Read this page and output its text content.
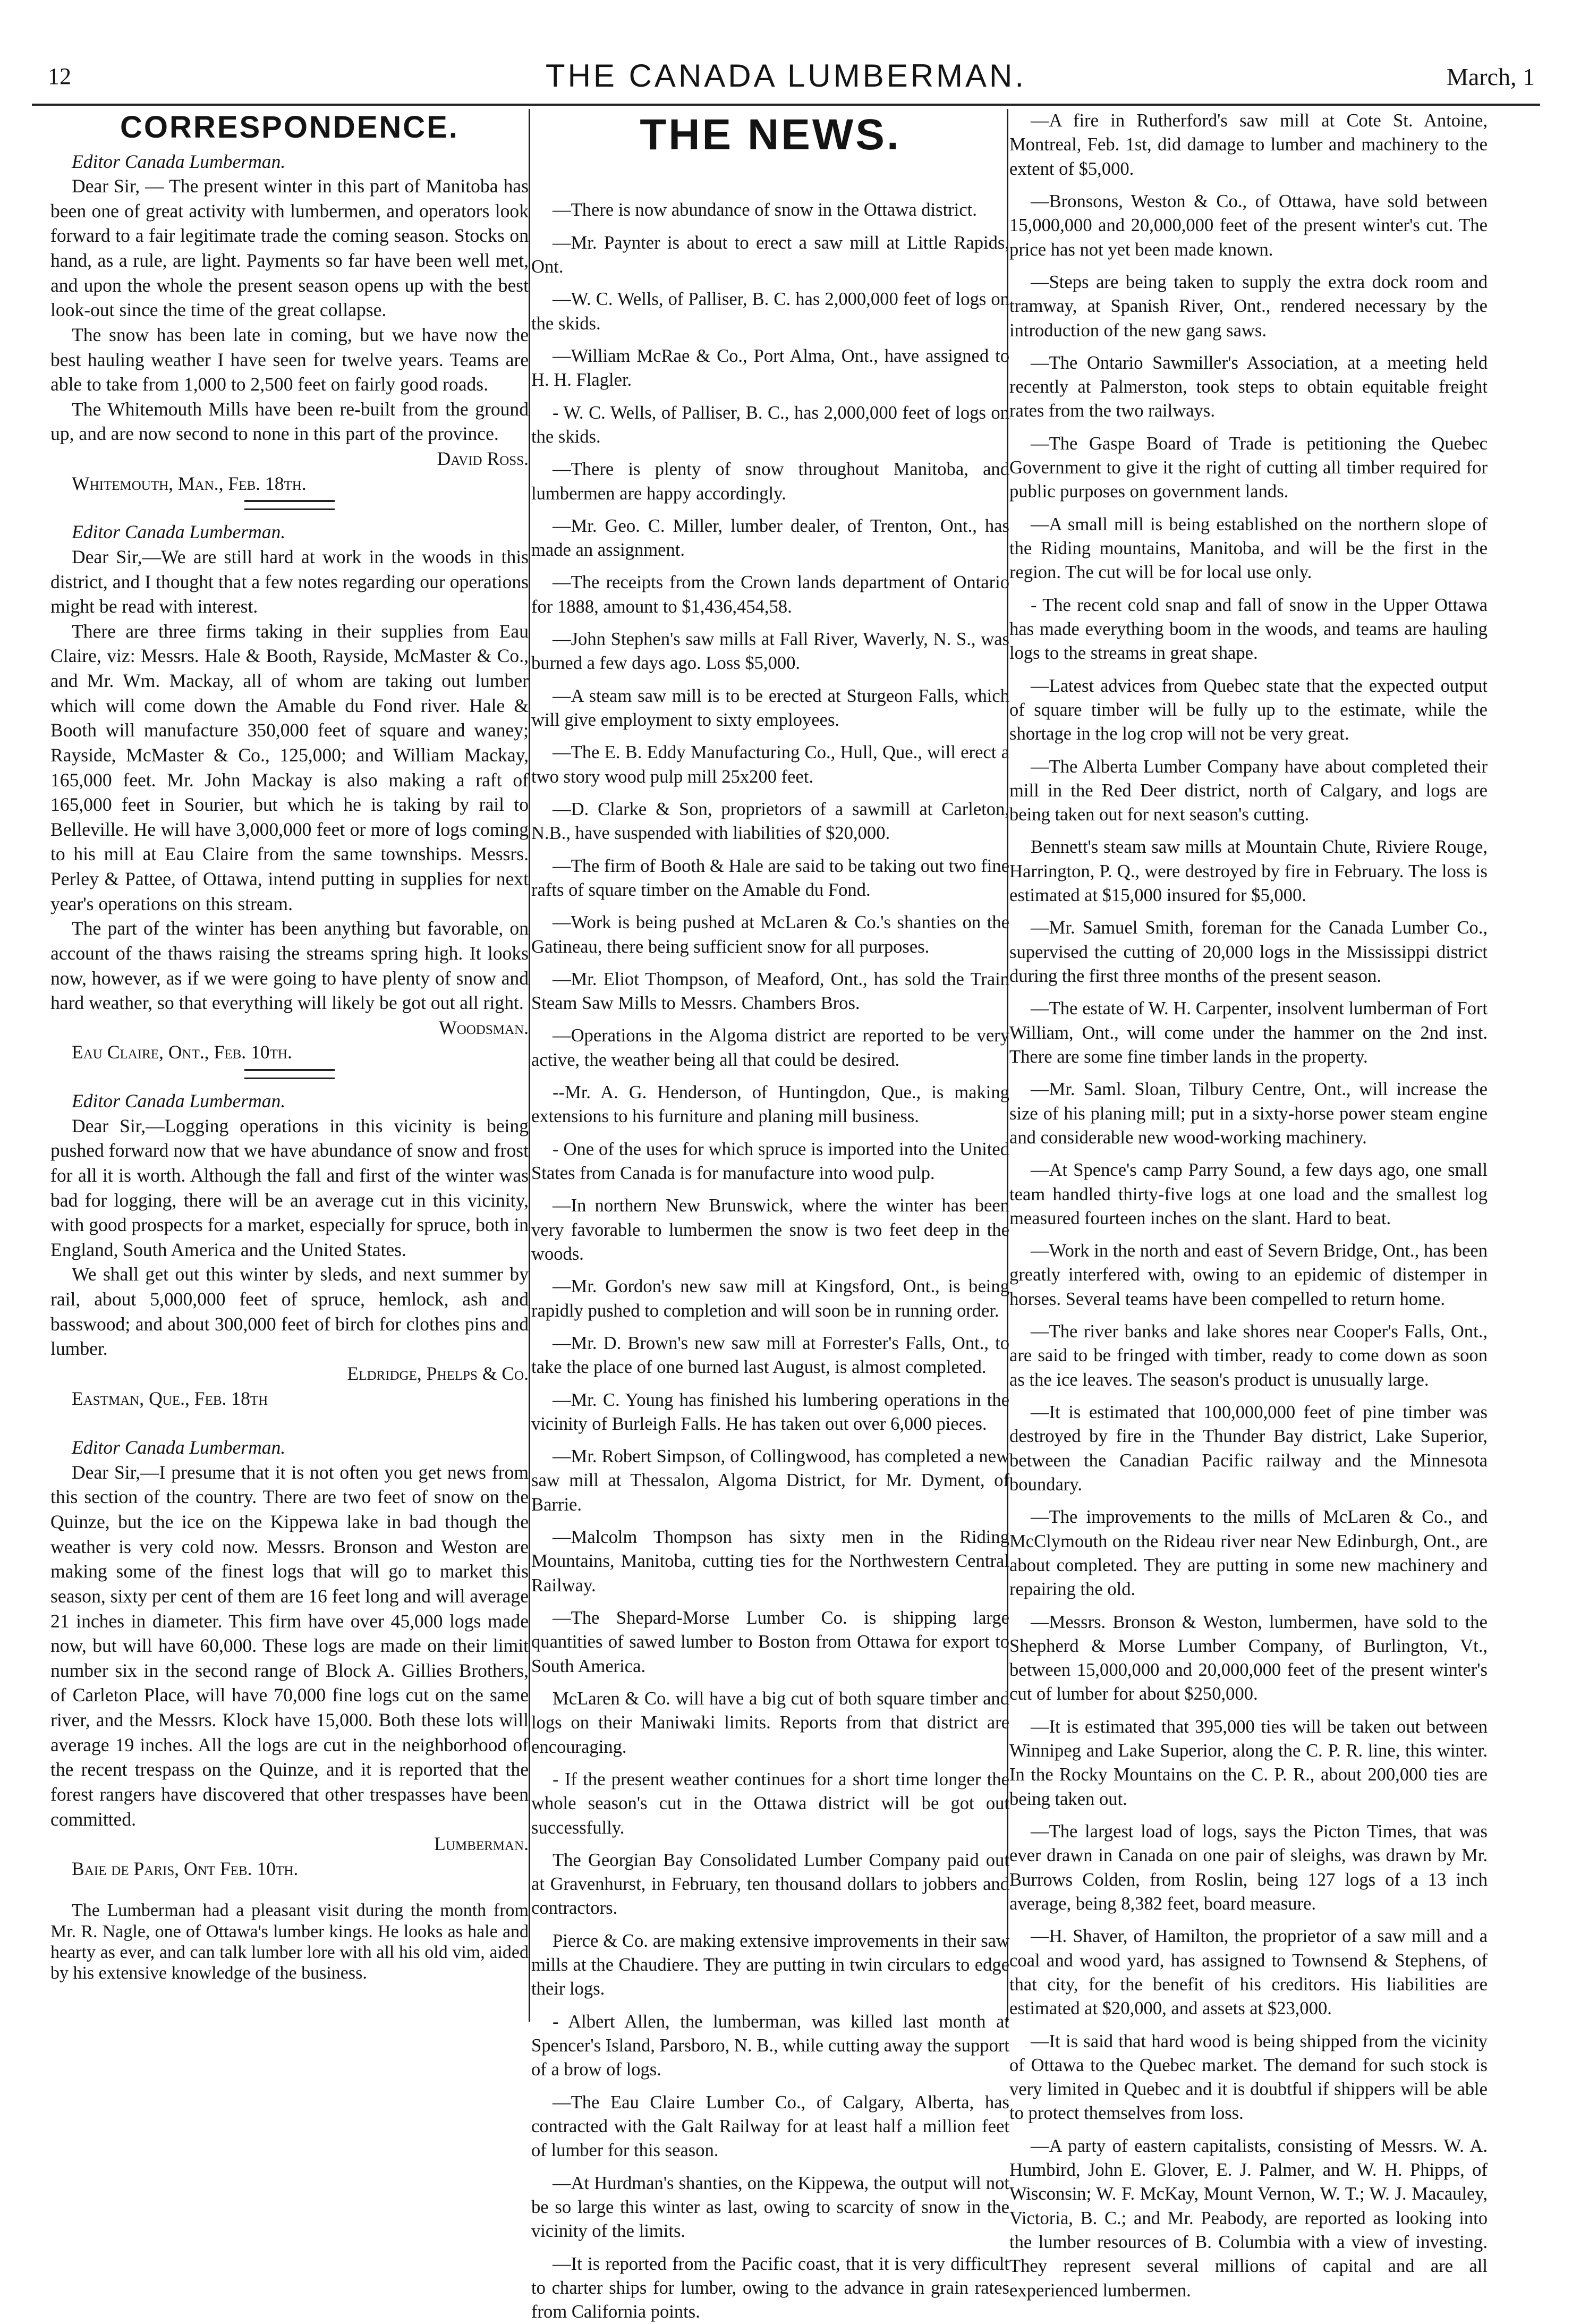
12	THE CANADA LUMBERMAN.	March, 1
CORRESPONDENCE.

Editor Canada Lumberman.

Dear Sir, — The present winter in this part of Manitoba has been one of great activity with lumbermen, and operators look forward to a fair legitimate trade the coming season. Stocks on hand, as a rule, are light. Payments so far have been well met, and upon the whole the present season opens up with the best look-out since the time of the great collapse.

The snow has been late in coming, but we have now the best hauling weather I have seen for twelve years. Teams are able to take from 1,000 to 2,500 feet on fairly good roads.

The Whitemouth Mills have been re-built from the ground up, and are now second to none in this part of the province.

David Ross.

Whitemouth, Man., Feb. 18th.

Editor Canada Lumberman.

Dear Sir,—We are still hard at work in the woods in this district, and I thought that a few notes regarding our operations might be read with interest.

There are three firms taking in their supplies from Eau Claire, viz: Messrs. Hale & Booth, Rayside, McMaster & Co., and Mr. Wm. Mackay, all of whom are taking out lumber which will come down the Amable du Fond river. Hale & Booth will manufacture 350,000 feet of square and waney; Rayside, McMaster & Co., 125,000; and William Mackay, 165,000 feet. Mr. John Mackay is also making a raft of 165,000 feet in Sourier, but which he is taking by rail to Belleville. He will have 3,000,000 feet or more of logs coming to his mill at Eau Claire from the same townships. Messrs. Perley & Pattee, of Ottawa, intend putting in supplies for next year's operations on this stream.

The part of the winter has been anything but favorable, on account of the thaws raising the streams spring high. It looks now, however, as if we were going to have plenty of snow and hard weather, so that everything will likely be got out all right.

Woodsman.

Eau Claire, Ont., Feb. 10th.

Editor Canada Lumberman.

Dear Sir,—Logging operations in this vicinity is being pushed forward now that we have abundance of snow and frost for all it is worth. Although the fall and first of the winter was bad for logging, there will be an average cut in this vicinity, with good prospects for a market, especially for spruce, both in England, South America and the United States.

We shall get out this winter by sleds, and next summer by rail, about 5,000,000 feet of spruce, hemlock, ash and basswood; and about 300,000 feet of birch for clothes pins and lumber.

Eldridge, Phelps & Co.

Eastman, Que., Feb. 18th

Editor Canada Lumberman.

Dear Sir,—I presume that it is not often you get news from this section of the country. There are two feet of snow on the Quinze, but the ice on the Kippewa lake in bad though the weather is very cold now. Messrs. Bronson and Weston are making some of the finest logs that will go to market this season, sixty per cent of them are 16 feet long and will average 21 inches in diameter. This firm have over 45,000 logs made now, but will have 60,000. These logs are made on their limit number six in the second range of Block A. Gillies Brothers, of Carleton Place, will have 70,000 fine logs cut on the same river, and the Messrs. Klock have 15,000. Both these lots will average 19 inches. All the logs are cut in the neighborhood of the recent trespass on the Quinze, and it is reported that the forest rangers have discovered that other trespasses have been committed.

Lumberman.

Baie de Paris, Ont Feb. 10th.

The Lumberman had a pleasant visit during the month from Mr. R. Nagle, one of Ottawa's lumber kings. He looks as hale and hearty as ever, and can talk lumber lore with all his old vim, aided by his extensive knowledge of the business.

THE NEWS.

—There is now abundance of snow in the Ottawa district.

—Mr. Paynter is about to erect a saw mill at Little Rapids, Ont.

—W. C. Wells, of Palliser, B. C. has 2,000,000 feet of logs on the skids.

—William McRae & Co., Port Alma, Ont., have assigned to H. H. Flagler.

- W. C. Wells, of Palliser, B. C., has 2,000,000 feet of logs on the skids.

—There is plenty of snow throughout Manitoba, and lumbermen are happy accordingly.

—Mr. Geo. C. Miller, lumber dealer, of Trenton, Ont., has made an assignment.

—The receipts from the Crown lands department of Ontario for 1888, amount to $1,436,454,58.

—John Stephen's saw mills at Fall River, Waverly, N. S., was burned a few days ago. Loss $5,000.

—A steam saw mill is to be erected at Sturgeon Falls, which will give employment to sixty employees.

—The E. B. Eddy Manufacturing Co., Hull, Que., will erect a two story wood pulp mill 25x200 feet.

—D. Clarke & Son, proprietors of a sawmill at Carleton, N.B., have suspended with liabilities of $20,000.

—The firm of Booth & Hale are said to be taking out two fine rafts of square timber on the Amable du Fond.

—Work is being pushed at McLaren & Co.'s shanties on the Gatineau, there being sufficient snow for all purposes.

—Mr. Eliot Thompson, of Meaford, Ont., has sold the Train Steam Saw Mills to Messrs. Chambers Bros.

—Operations in the Algoma district are reported to be very active, the weather being all that could be desired.

--Mr. A. G. Henderson, of Huntingdon, Que., is making extensions to his furniture and planing mill business.

- One of the uses for which spruce is imported into the United States from Canada is for manufacture into wood pulp.

—In northern New Brunswick, where the winter has been very favorable to lumbermen the snow is two feet deep in the woods.

—Mr. Gordon's new saw mill at Kingsford, Ont., is being rapidly pushed to completion and will soon be in running order.

—Mr. D. Brown's new saw mill at Forrester's Falls, Ont., to take the place of one burned last August, is almost completed.

—Mr. C. Young has finished his lumbering operations in the vicinity of Burleigh Falls. He has taken out over 6,000 pieces.

—Mr. Robert Simpson, of Collingwood, has completed a new saw mill at Thessalon, Algoma District, for Mr. Dyment, of Barrie.

—Malcolm Thompson has sixty men in the Riding Mountains, Manitoba, cutting ties for the Northwestern Central Railway.

—The Shepard-Morse Lumber Co. is shipping large quantities of sawed lumber to Boston from Ottawa for export to South America.

McLaren & Co. will have a big cut of both square timber and logs on their Maniwaki limits. Reports from that district are encouraging.

- If the present weather continues for a short time longer the whole season's cut in the Ottawa district will be got out successfully.

The Georgian Bay Consolidated Lumber Company paid out at Gravenhurst, in February, ten thousand dollars to jobbers and contractors.

Pierce & Co. are making extensive improvements in their saw mills at the Chaudiere. They are putting in twin circulars to edge their logs.

- Albert Allen, the lumberman, was killed last month at Spencer's Island, Parsboro, N. B., while cutting away the support of a brow of logs.

—The Eau Claire Lumber Co., of Calgary, Alberta, has contracted with the Galt Railway for at least half a million feet of lumber for this season.

—At Hurdman's shanties, on the Kippewa, the output will not be so large this winter as last, owing to scarcity of snow in the vicinity of the limits.

—It is reported from the Pacific coast, that it is very difficult to charter ships for lumber, owing to the advance in grain rates from California points.

—A fire in Rutherford's saw mill at Cote St. Antoine, Montreal, Feb. 1st, did damage to lumber and machinery to the extent of $5,000.

—Bronsons, Weston & Co., of Ottawa, have sold between 15,000,000 and 20,000,000 feet of the present winter's cut. The price has not yet been made known.

—Steps are being taken to supply the extra dock room and tramway, at Spanish River, Ont., rendered necessary by the introduction of the new gang saws.

—The Ontario Sawmiller's Association, at a meeting held recently at Palmerston, took steps to obtain equitable freight rates from the two railways.

—The Gaspe Board of Trade is petitioning the Quebec Government to give it the right of cutting all timber required for public purposes on government lands.

—A small mill is being established on the northern slope of the Riding mountains, Manitoba, and will be the first in the region. The cut will be for local use only.

- The recent cold snap and fall of snow in the Upper Ottawa has made everything boom in the woods, and teams are hauling logs to the streams in great shape.

—Latest advices from Quebec state that the expected output of square timber will be fully up to the estimate, while the shortage in the log crop will not be very great.

—The Alberta Lumber Company have about completed their mill in the Red Deer district, north of Calgary, and logs are being taken out for next season's cutting.

Bennett's steam saw mills at Mountain Chute, Riviere Rouge, Harrington, P. Q., were destroyed by fire in February. The loss is estimated at $15,000 insured for $5,000.

—Mr. Samuel Smith, foreman for the Canada Lumber Co., supervised the cutting of 20,000 logs in the Mississippi district during the first three months of the present season.

—The estate of W. H. Carpenter, insolvent lumberman of Fort William, Ont., will come under the hammer on the 2nd inst. There are some fine timber lands in the property.

—Mr. Saml. Sloan, Tilbury Centre, Ont., will increase the size of his planing mill; put in a sixty-horse power steam engine and considerable new wood-working machinery.

—At Spence's camp Parry Sound, a few days ago, one small team handled thirty-five logs at one load and the smallest log measured fourteen inches on the slant. Hard to beat.

—Work in the north and east of Severn Bridge, Ont., has been greatly interfered with, owing to an epidemic of distemper in horses. Several teams have been compelled to return home.

—The river banks and lake shores near Cooper's Falls, Ont., are said to be fringed with timber, ready to come down as soon as the ice leaves. The season's product is unusually large.

—It is estimated that 100,000,000 feet of pine timber was destroyed by fire in the Thunder Bay district, Lake Superior, between the Canadian Pacific railway and the Minnesota boundary.

—The improvements to the mills of McLaren & Co., and McClymouth on the Rideau river near New Edinburgh, Ont., are about completed. They are putting in some new machinery and repairing the old.

—Messrs. Bronson & Weston, lumbermen, have sold to the Shepherd & Morse Lumber Company, of Burlington, Vt., between 15,000,000 and 20,000,000 feet of the present winter's cut of lumber for about $250,000.

—It is estimated that 395,000 ties will be taken out between Winnipeg and Lake Superior, along the C. P. R. line, this winter. In the Rocky Mountains on the C. P. R., about 200,000 ties are being taken out.

—The largest load of logs, says the Picton Times, that was ever drawn in Canada on one pair of sleighs, was drawn by Mr. Burrows Colden, from Roslin, being 127 logs of a 13 inch average, being 8,382 feet, board measure.

—H. Shaver, of Hamilton, the proprietor of a saw mill and a coal and wood yard, has assigned to Townsend & Stephens, of that city, for the benefit of his creditors. His liabilities are estimated at $20,000, and assets at $23,000.

—It is said that hard wood is being shipped from the vicinity of Ottawa to the Quebec market. The demand for such stock is very limited in Quebec and it is doubtful if shippers will be able to protect themselves from loss.

—A party of eastern capitalists, consisting of Messrs. W. A. Humbird, John E. Glover, E. J. Palmer, and W. H. Phipps, of Wisconsin; W. F. McKay, Mount Vernon, W. T.; W. J. Macauley, Victoria, B. C.; and Mr. Peabody, are reported as looking into the lumber resources of B. Columbia with a view of investing. They represent several millions of capital and are all experienced lumbermen.
